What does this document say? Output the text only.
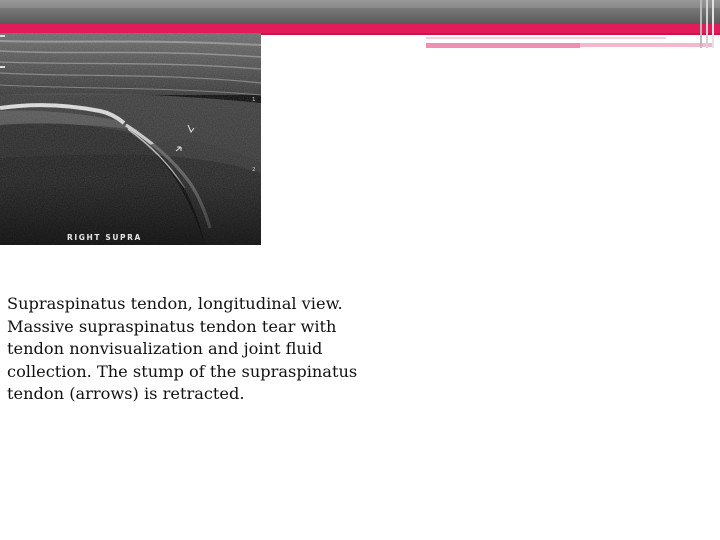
RIGHT SUPRA
1
2
Supraspinatus tendon, longitudinal view.
Massive supraspinatus tendon tear with
tendon nonvisualization and joint fluid
collection. The stump of the supraspinatus
tendon (arrows) is retracted.
